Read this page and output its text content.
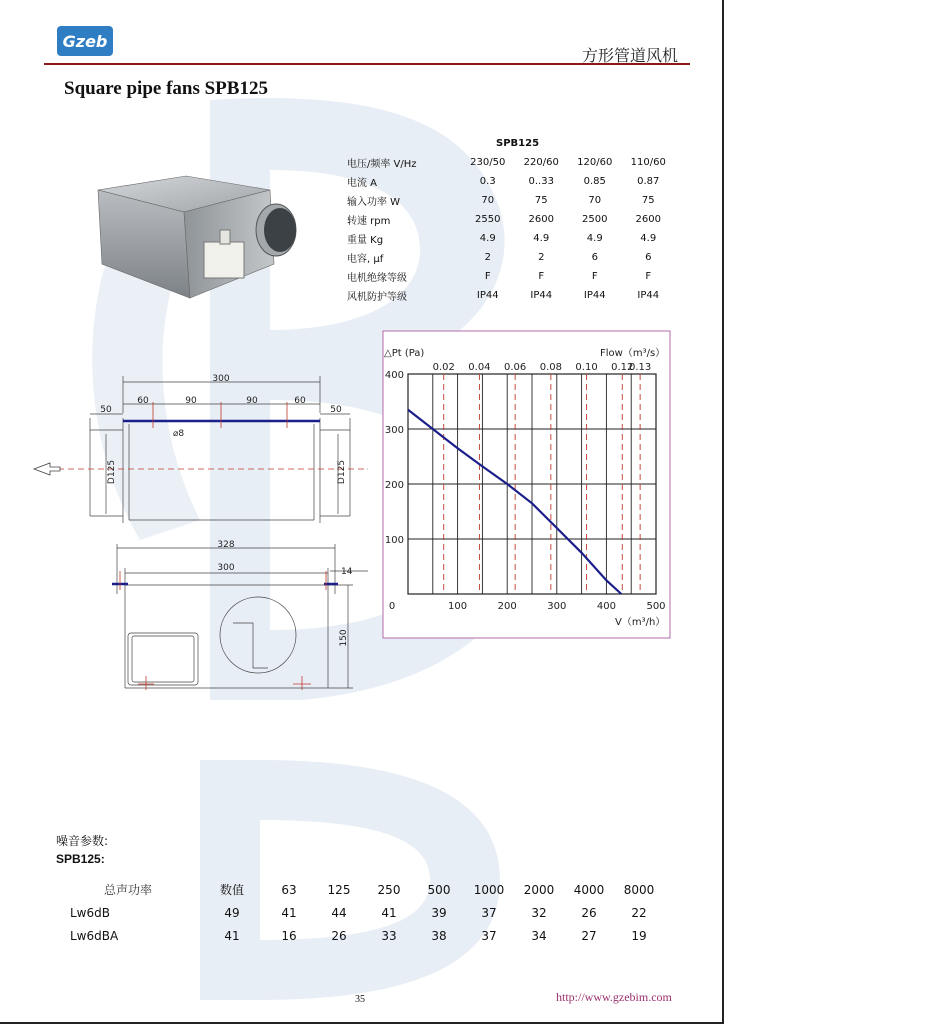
Gzeb
方形管道风机
Square pipe fans SPB125
	SPB125			
电压/频率 V/Hz	230/50	220/60	120/60	110/60
电流 A	0.3	0..33	0.85	0.87
输入功率 W	70	75	70	75
转速 rpm	2550	2600	2500	2600
重量 Kg	4.9	4.9	4.9	4.9
电容, µf	2	2	6	6
电机绝缘等级	F	F	F	F
风机防护等级	IP44	IP44	IP44	IP44
300
50	50
60	90	90	60
⌀8
D125	D125
328
300	14
150
100
200
300
400
0	100	200	300	400	500
0.02 0.04 0.06 0.08 0.10 0.12
0.13
△Pt (Pa)	Flow（m³/s）
V（m³/h）
噪音参数:
SPB125:
总声功率	数值	63	125	250	500	1000	2000	4000	8000
Lw6dB	49	41	44	41	39	37	32	26	22
Lw6dBA	41	16	26	33	38	37	34	27	19
35	http://www.gzebim.com
